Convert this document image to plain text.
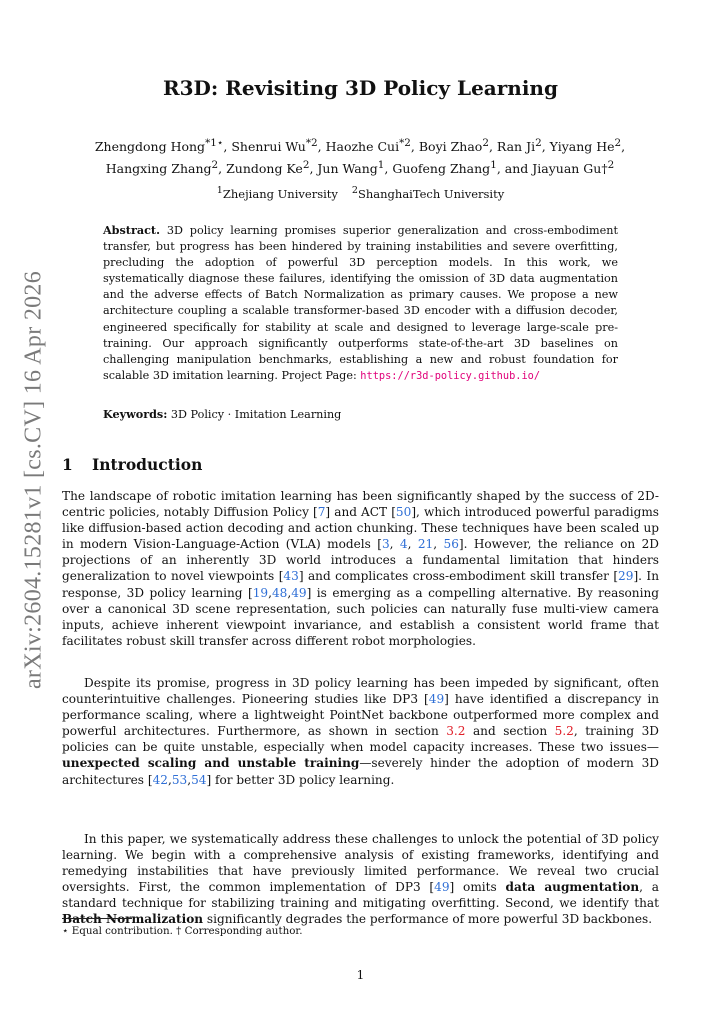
arXiv:2604.15281v1 [cs.CV] 16 Apr 2026
R3D: Revisiting 3D Policy Learning
Zhengdong Hong$^{*1⋆}$, Shenrui Wu$^{*2}$, Haozhe Cui$^{*2}$, Boyi Zhao$^2$, Ran Ji$^2$, Yiyang He$^2$,
Hangxing Zhang$^2$, Zundong Ke$^2$, Jun Wang$^1$, Guofeng Zhang$^1$, and Jiayuan Gu†$^2$
$^1$Zhejiang University $^2$ShanghaiTech University
Abstract. 3D policy learning promises superior generalization and cross-embodiment transfer, but progress has been hindered by training instabilities and severe overfitting, precluding the adoption of powerful 3D perception models. In this work, we systematically diagnose these failures, identifying the omission of 3D data augmentation and the adverse effects of Batch Normalization as primary causes. We propose a new architecture coupling a scalable transformer-based 3D encoder with a diffusion decoder, engineered specifically for stability at scale and designed to leverage large-scale pre-training. Our approach significantly outperforms state-of-the-art 3D baselines on challenging manipulation benchmarks, establishing a new and robust foundation for scalable 3D imitation learning. Project Page: https://r3d-policy.github.io/
Keywords: 3D Policy · Imitation Learning
1 Introduction
The landscape of robotic imitation learning has been significantly shaped by the success of 2D-centric policies, notably Diffusion Policy [7] and ACT [50], which introduced powerful paradigms like diffusion-based action decoding and action chunking. These techniques have been scaled up in modern Vision-Language-Action (VLA) models [3, 4, 21, 56]. However, the reliance on 2D projections of an inherently 3D world introduces a fundamental limitation that hinders generalization to novel viewpoints [43] and complicates cross-embodiment skill transfer [29]. In response, 3D policy learning [19,48,49] is emerging as a compelling alternative. By reasoning over a canonical 3D scene representation, such policies can naturally fuse multi-view camera inputs, achieve inherent viewpoint invariance, and establish a consistent world frame that facilitates robust skill transfer across different robot morphologies.
Despite its promise, progress in 3D policy learning has been impeded by significant, often counterintuitive challenges. Pioneering studies like DP3 [49] have identified a discrepancy in performance scaling, where a lightweight PointNet backbone outperformed more complex and powerful architectures. Furthermore, as shown in section 3.2 and section 5.2, training 3D policies can be quite unstable, especially when model capacity increases. These two issues—unexpected scaling and unstable training—severely hinder the adoption of modern 3D architectures [42,53,54] for better 3D policy learning.
In this paper, we systematically address these challenges to unlock the potential of 3D policy learning. We begin with a comprehensive analysis of existing frameworks, identifying and remedying instabilities that have previously limited performance. We reveal two crucial oversights. First, the common implementation of DP3 [49] omits data augmentation, a standard technique for stabilizing training and mitigating overfitting. Second, we identify that Batch Normalization significantly degrades the performance of more powerful 3D backbones.
⋆ Equal contribution. † Corresponding author.
1
